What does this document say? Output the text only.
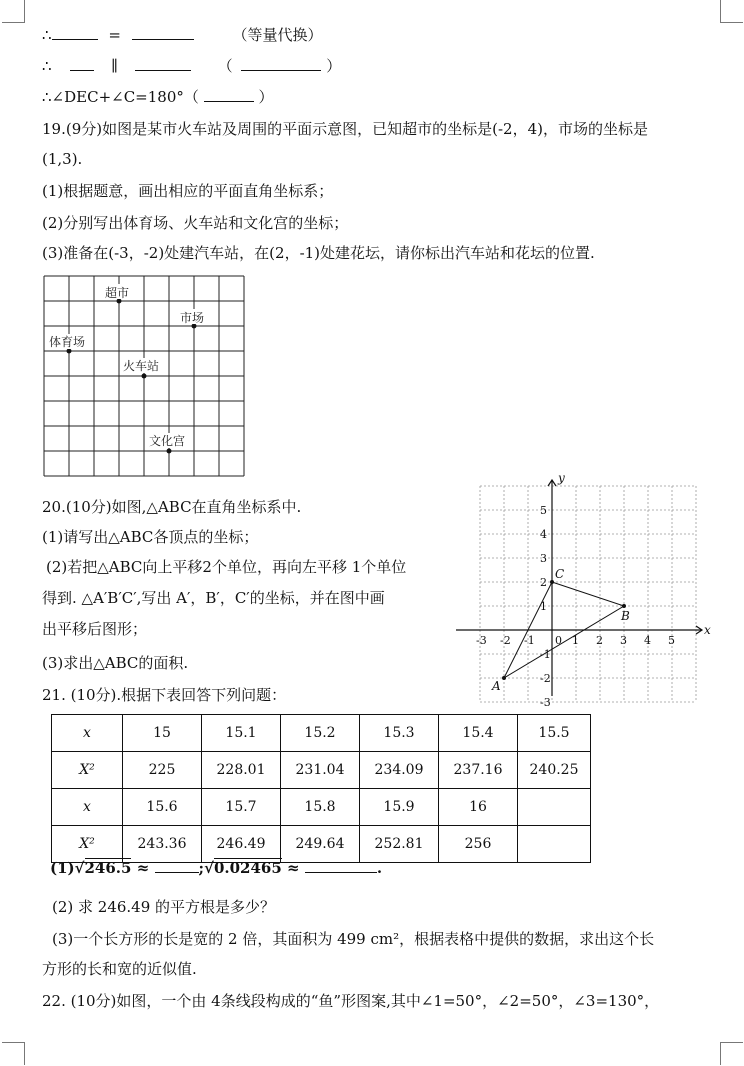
∴	=	（等量代换）
∴	∥	（	）
∴∠DEC+∠C=180°（	）
19.(9分)如图是某市火车站及周围的平面示意图，已知超市的坐标是(-2，4)，市场的坐标是
(1,3).
(1)根据题意，画出相应的平面直角坐标系；
(2)分别写出体育场、火车站和文化宫的坐标；
(3)准备在(-3，-2)处建汽车站，在(2，-1)处建花坛，请你标出汽车站和花坛的位置.
超市
市场
体育场
火车站
文化宫
20.(10分)如图,△ABC在直角坐标系中.
(1)请写出△ABC各顶点的坐标；
(2)若把△ABC向上平移2个单位，再向左平移 1个单位
得到. △A′B′C′,写出 A′，B′，C′的坐标，并在图中画
出平移后图形；
(3)求出△ABC的面积.
-3 -2 -1	1 2 3 4 5
5
4
3
2
1
-1
-2
-3
0
A
B
C
x
y
21. (10分).根据下表回答下列问题：
x	15	15.1	15.2	15.3	15.4	15.5
X²	225	228.01	231.04	234.09	237.16	240.25
x	15.6	15.7	15.8	15.9	16	
X²	243.36	246.49	249.64	252.81	256	
(1)√246.5 ≈	;√0.02465 ≈	.
(2) 求 246.49 的平方根是多少？
(3)一个长方形的长是宽的 2 倍，其面积为 499 cm²，根据表格中提供的数据，求出这个长
方形的长和宽的近似值.
22. (10分)如图，一个由 4条线段构成的“鱼”形图案,其中∠1=50°，∠2=50°，∠3=130°，
